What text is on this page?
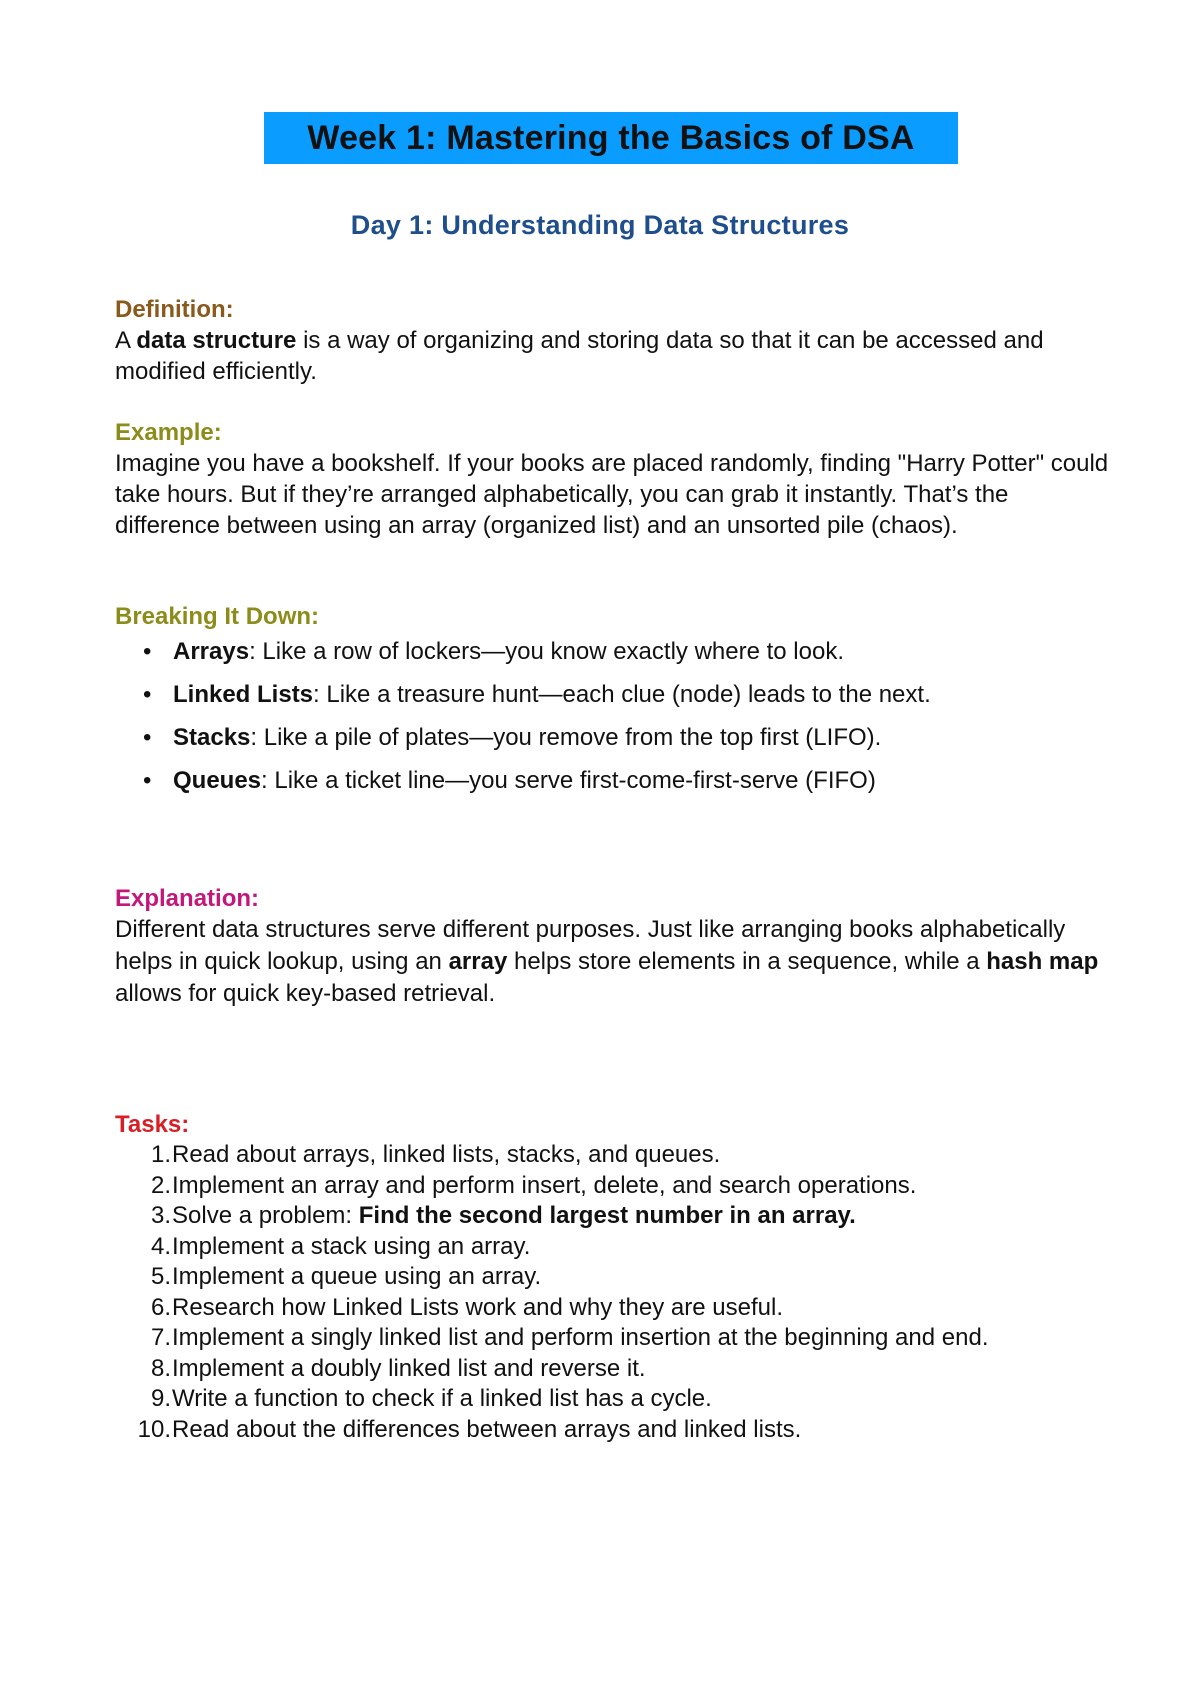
Week 1: Mastering the Basics of DSA
Day 1: Understanding Data Structures
Definition:

A data structure is a way of organizing and storing data so that it can be accessed and modified efficiently.

Example:

Imagine you have a bookshelf. If your books are placed randomly, finding "Harry Potter" could take hours. But if they’re arranged alphabetically, you can grab it instantly. That’s the difference between using an array (organized list) and an unsorted pile (chaos).

Breaking It Down:
• Arrays: Like a row of lockers—you know exactly where to look.
• Linked Lists: Like a treasure hunt—each clue (node) leads to the next.
• Stacks: Like a pile of plates—you remove from the top first (LIFO).
• Queues: Like a ticket line—you serve first-come-first-serve (FIFO)
Explanation:

Different data structures serve different purposes. Just like arranging books alphabetically helps in quick lookup, using an array helps store elements in a sequence, while a hash map allows for quick key-based retrieval.

Tasks:
1. Read about arrays, linked lists, stacks, and queues.
2. Implement an array and perform insert, delete, and search operations.
3. Solve a problem: Find the second largest number in an array.
4. Implement a stack using an array.
5. Implement a queue using an array.
6. Research how Linked Lists work and why they are useful.
7. Implement a singly linked list and perform insertion at the beginning and end.
8. Implement a doubly linked list and reverse it.
9. Write a function to check if a linked list has a cycle.
10. Read about the differences between arrays and linked lists.
